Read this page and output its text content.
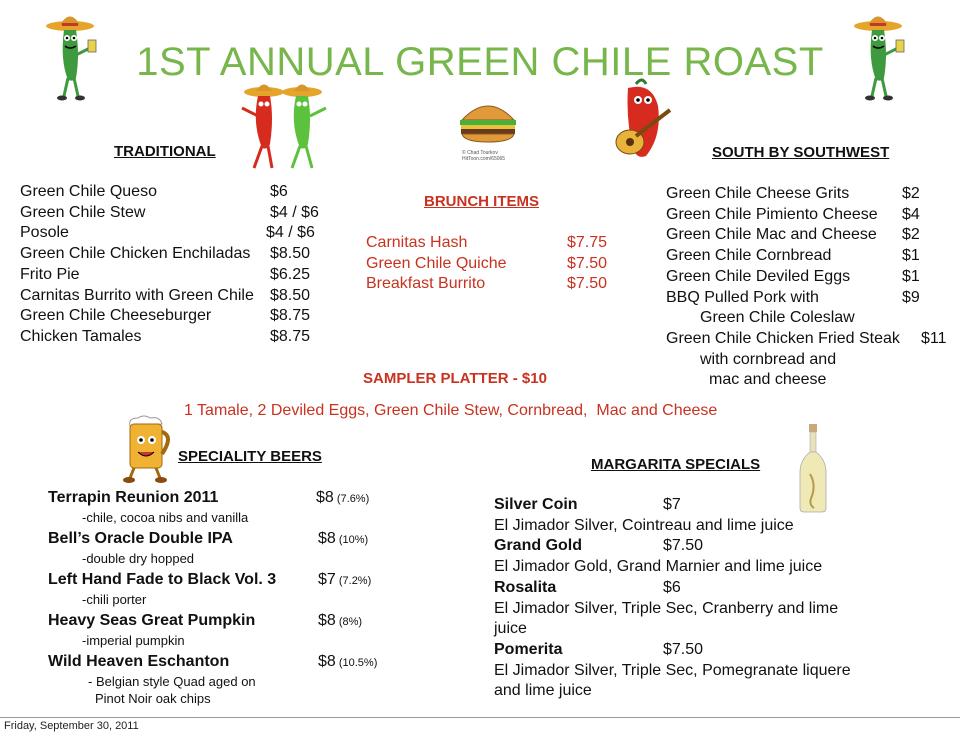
1ST ANNUAL GREEN CHILE ROAST
© Chad Tourkov HitToon.com/65065
TRADITIONAL
Green Chile Queso	$6
Green Chile Stew	$4 / $6
Posole	$4 / $6
Green Chile Chicken Enchiladas $8.50
Frito Pie	$6.25
Carnitas Burrito with Green Chile $8.50
Green Chile Cheeseburger	$8.75
Chicken Tamales	$8.75
BRUNCH ITEMS
Carnitas Hash	$7.75
Green Chile Quiche	$7.50
Breakfast Burrito	$7.50
SOUTH BY SOUTHWEST
Green Chile Cheese Grits	$2
Green Chile Pimiento Cheese $4
Green Chile Mac and Cheese $2
Green Chile Cornbread	$1
Green Chile Deviled Eggs	$1
BBQ Pulled Pork with	$9
Green Chile Coleslaw
Green Chile Chicken Fried Steak $11
with cornbread and
mac and cheese
SAMPLER PLATTER - $10
1 Tamale, 2 Deviled Eggs, Green Chile Stew, Cornbread,  Mac and Cheese
SPECIALITY BEERS
Terrapin Reunion 2011	$8 (7.6%)
-chile, cocoa nibs and vanilla
Bell’s Oracle Double IPA	$8 (10%)
-double dry hopped
Left Hand Fade to Black Vol. 3	$7 (7.2%)
-chili porter
Heavy Seas Great Pumpkin	$8 (8%)
-imperial pumpkin
Wild Heaven Eschanton	$8 (10.5%)
- Belgian style Quad aged on
Pinot Noir oak chips
MARGARITA SPECIALS
Silver Coin	$7
El Jimador Silver, Cointreau and lime juice
Grand Gold	$7.50
El Jimador Gold, Grand Marnier and lime juice
Rosalita	$6
El Jimador Silver, Triple Sec, Cranberry and lime
juice
Pomerita	$7.50
El Jimador Silver, Triple Sec, Pomegranate liquere
and lime juice
Friday, September 30, 2011
